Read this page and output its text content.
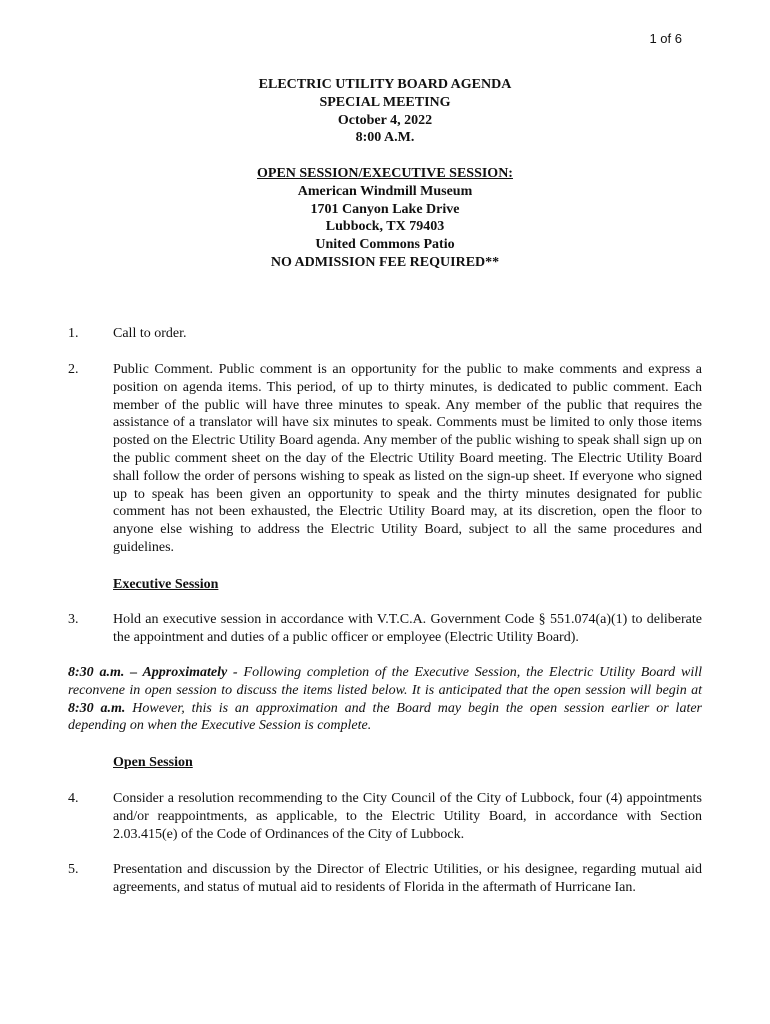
1 of 6
ELECTRIC UTILITY BOARD AGENDA
SPECIAL MEETING
October 4, 2022
8:00 A.M.
OPEN SESSION/EXECUTIVE SESSION:
American Windmill Museum
1701 Canyon Lake Drive
Lubbock, TX 79403
United Commons Patio
NO ADMISSION FEE REQUIRED**
1. Call to order.
2. Public Comment. Public comment is an opportunity for the public to make comments and express a position on agenda items. This period, of up to thirty minutes, is dedicated to public comment. Each member of the public will have three minutes to speak. Any member of the public that requires the assistance of a translator will have six minutes to speak. Comments must be limited to only those items posted on the Electric Utility Board agenda. Any member of the public wishing to speak shall sign up on the public comment sheet on the day of the Electric Utility Board meeting. The Electric Utility Board shall follow the order of persons wishing to speak as listed on the sign-up sheet. If everyone who signed up to speak has been given an opportunity to speak and the thirty minutes designated for public comment has not been exhausted, the Electric Utility Board may, at its discretion, open the floor to anyone else wishing to address the Electric Utility Board, subject to all the same procedures and guidelines.
Executive Session
3. Hold an executive session in accordance with V.T.C.A. Government Code § 551.074(a)(1) to deliberate the appointment and duties of a public officer or employee (Electric Utility Board).
8:30 a.m. – Approximately - Following completion of the Executive Session, the Electric Utility Board will reconvene in open session to discuss the items listed below. It is anticipated that the open session will begin at 8:30 a.m. However, this is an approximation and the Board may begin the open session earlier or later depending on when the Executive Session is complete.
Open Session
4. Consider a resolution recommending to the City Council of the City of Lubbock, four (4) appointments and/or reappointments, as applicable, to the Electric Utility Board, in accordance with Section 2.03.415(e) of the Code of Ordinances of the City of Lubbock.
5. Presentation and discussion by the Director of Electric Utilities, or his designee, regarding mutual aid agreements, and status of mutual aid to residents of Florida in the aftermath of Hurricane Ian.
